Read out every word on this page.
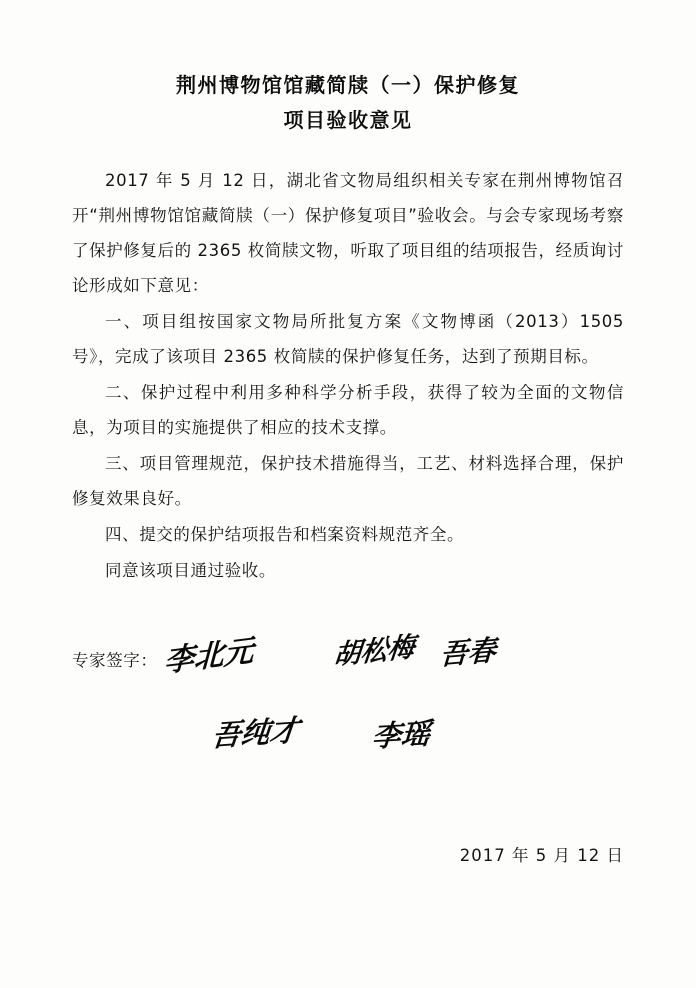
荆州博物馆馆藏简牍（一）保护修复
项目验收意见

2017 年 5 月 12 日，湖北省文物局组织相关专家在荆州博物馆召开“荆州博物馆馆藏简牍（一）保护修复项目”验收会。与会专家现场考察了保护修复后的 2365 枚简牍文物，听取了项目组的结项报告，经质询讨论形成如下意见：

一、项目组按国家文物局所批复方案《文物博函（2013）1505 号》，完成了该项目 2365 枚简牍的保护修复任务，达到了预期目标。

二、保护过程中利用多种科学分析手段，获得了较为全面的文物信息，为项目的实施提供了相应的技术支撑。

三、项目管理规范，保护技术措施得当，工艺、材料选择合理，保护修复效果良好。

四、提交的保护结项报告和档案资料规范齐全。

同意该项目通过验收。

专家签字： 李北元	胡松梅 吾春
吾纯才 李瑶
2017 年 5 月 12 日
